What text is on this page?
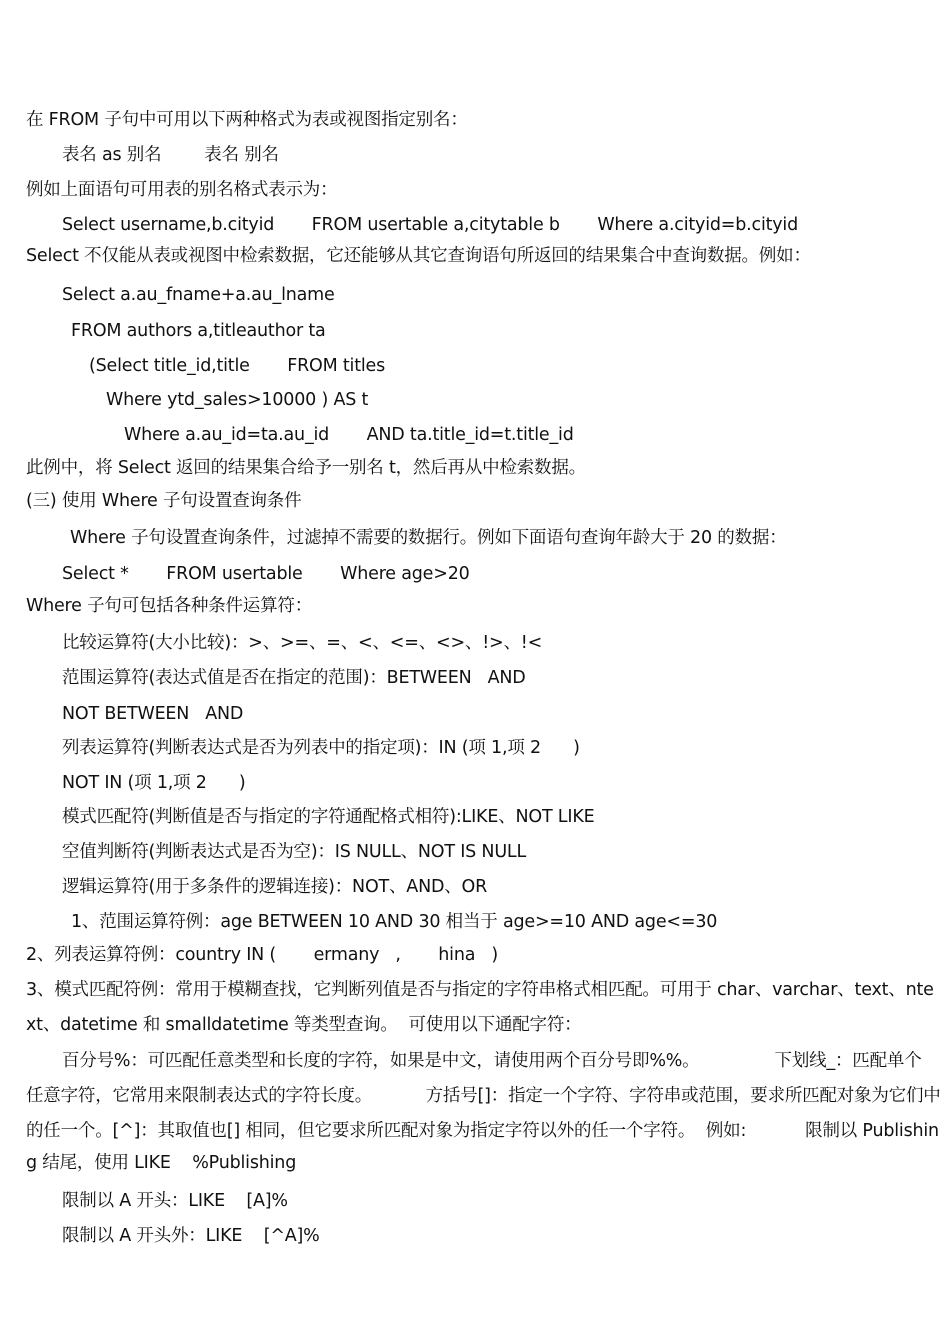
在 FROM 子句中可用以下两种格式为表或视图指定别名：
表名 as 别名        表名 别名
例如上面语句可用表的别名格式表示为：
Select username,b.cityid       FROM usertable a,citytable b       Where a.cityid=b.cityid
Select 不仅能从表或视图中检索数据，它还能够从其它查询语句所返回的结果集合中查询数据。例如：
Select a.au_fname+a.au_lname
FROM authors a,titleauthor ta
(Select title_id,title       FROM titles
Where ytd_sales>10000 ) AS t
Where a.au_id=ta.au_id       AND ta.title_id=t.title_id
此例中，将 Select 返回的结果集合给予一别名 t，然后再从中检索数据。
(三) 使用 Where 子句设置查询条件
Where 子句设置查询条件，过滤掉不需要的数据行。例如下面语句查询年龄大于 20 的数据：
Select *       FROM usertable       Where age>20
Where 子句可包括各种条件运算符：
比较运算符(大小比较)：>、>=、=、<、<=、<>、!>、!<
范围运算符(表达式值是否在指定的范围)：BETWEEN   AND
NOT BETWEEN   AND
列表运算符(判断表达式是否为列表中的指定项)：IN (项 1,项 2      )
NOT IN (项 1,项 2      )
模式匹配符(判断值是否与指定的字符通配格式相符):LIKE、NOT LIKE
空值判断符(判断表达式是否为空)：IS NULL、NOT IS NULL
逻辑运算符(用于多条件的逻辑连接)：NOT、AND、OR
1、范围运算符例：age BETWEEN 10 AND 30 相当于 age>=10 AND age<=30
2、列表运算符例：country IN (       ermany   ,       hina   )
3、模式匹配符例：常用于模糊查找，它判断列值是否与指定的字符串格式相匹配。可用于 char、varchar、text、nte
xt、datetime 和 smalldatetime 等类型查询。  可使用以下通配字符：
百分号%：可匹配任意类型和长度的字符，如果是中文，请使用两个百分号即%%。              下划线_：匹配单个
任意字符，它常用来限制表达式的字符长度。          方括号[]：指定一个字符、字符串或范围，要求所匹配对象为它们中
的任一个。[^]：其取值也[] 相同，但它要求所匹配对象为指定字符以外的任一个字符。  例如:           限制以 Publishin
g 结尾，使用 LIKE    %Publishing
限制以 A 开头：LIKE    [A]%
限制以 A 开头外：LIKE    [^A]%
